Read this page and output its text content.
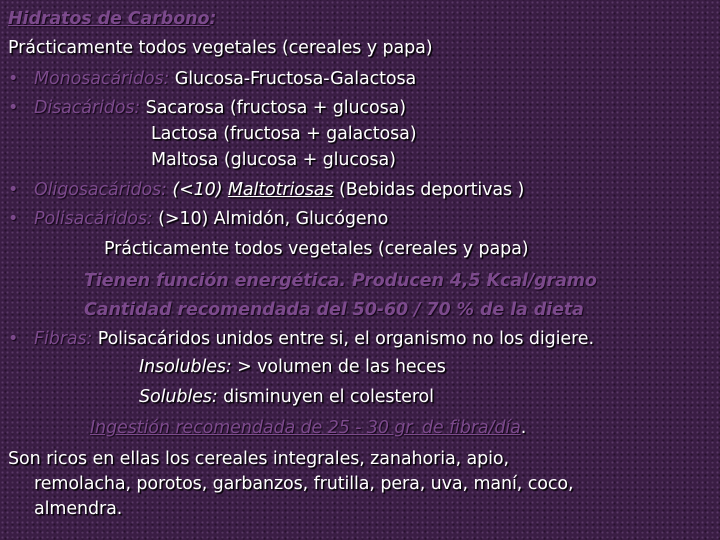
Hidratos de Carbono:
Prácticamente todos vegetales (cereales y papa)
• Monosacáridos: Glucosa-Fructosa-Galactosa
• Disacáridos: Sacarosa (fructosa + glucosa)
Lactosa (fructosa + galactosa)
Maltosa (glucosa + glucosa)
• Oligosacáridos: (<10) Maltotriosas (Bebidas deportivas )
• Polisacáridos: (>10) Almidón, Glucógeno
Prácticamente todos vegetales (cereales y papa)
Tienen función energética. Producen 4,5 Kcal/gramo
Cantidad recomendada del 50-60 / 70 % de la dieta
• Fibras: Polisacáridos unidos entre si, el organismo no los digiere.
Insolubles: > volumen de las heces
Solubles: disminuyen el colesterol
Ingestión recomendada de 25 - 30 gr. de fibra/día.
Son ricos en ellas los cereales integrales, zanahoria, apio,
remolacha, porotos, garbanzos, frutilla, pera, uva, maní, coco,
almendra.
